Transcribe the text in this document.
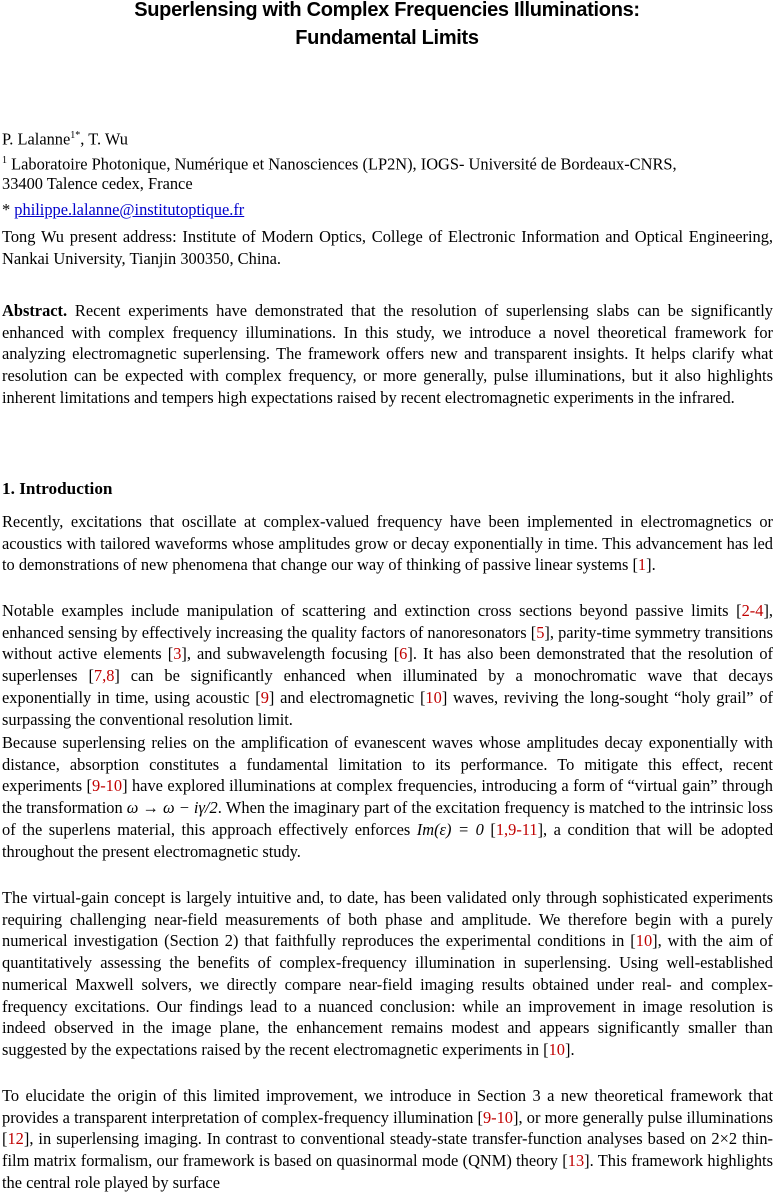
Superlensing with Complex Frequencies Illuminations:
Fundamental Limits
P. Lalanne$^{1*}$, T. Wu
$^1$ Laboratoire Photonique, Numérique et Nanosciences (LP2N), IOGS- Université de Bordeaux-CNRS,
33400 Talence cedex, France
* philippe.lalanne@institutoptique.fr
Tong Wu present address: Institute of Modern Optics, College of Electronic Information and Optical Engineering, Nankai University, Tianjin 300350, China.
Abstract. Recent experiments have demonstrated that the resolution of superlensing slabs can be significantly enhanced with complex frequency illuminations. In this study, we introduce a novel theoretical framework for analyzing electromagnetic superlensing. The framework offers new and transparent insights. It helps clarify what resolution can be expected with complex frequency, or more generally, pulse illuminations, but it also highlights inherent limitations and tempers high expectations raised by recent electromagnetic experiments in the infrared.
1. Introduction
Recently, excitations that oscillate at complex-valued frequency have been implemented in electromagnetics or acoustics with tailored waveforms whose amplitudes grow or decay exponentially in time. This advancement has led to demonstrations of new phenomena that change our way of thinking of passive linear systems [1].
Notable examples include manipulation of scattering and extinction cross sections beyond passive limits [2-4], enhanced sensing by effectively increasing the quality factors of nanoresonators [5], parity-time symmetry transitions without active elements [3], and subwavelength focusing [6]. It has also been demonstrated that the resolution of superlenses [7,8] can be significantly enhanced when illuminated by a monochromatic wave that decays exponentially in time, using acoustic [9] and electromagnetic [10] waves, reviving the long-sought “holy grail” of surpassing the conventional resolution limit.
Because superlensing relies on the amplification of evanescent waves whose amplitudes decay exponentially with distance, absorption constitutes a fundamental limitation to its performance. To mitigate this effect, recent experiments [9-10] have explored illuminations at complex frequencies, introducing a form of “virtual gain” through the transformation ω → ω − iγ/2. When the imaginary part of the excitation frequency is matched to the intrinsic loss of the superlens material, this approach effectively enforces Im(ε) = 0 [1,9-11], a condition that will be adopted throughout the present electromagnetic study.
The virtual-gain concept is largely intuitive and, to date, has been validated only through sophisticated experiments requiring challenging near-field measurements of both phase and amplitude. We therefore begin with a purely numerical investigation (Section 2) that faithfully reproduces the experimental conditions in [10], with the aim of quantitatively assessing the benefits of complex-frequency illumination in superlensing. Using well-established numerical Maxwell solvers, we directly compare near-field imaging results obtained under real- and complex-frequency excitations. Our findings lead to a nuanced conclusion: while an improvement in image resolution is indeed observed in the image plane, the enhancement remains modest and appears significantly smaller than suggested by the expectations raised by the recent electromagnetic experiments in [10].
To elucidate the origin of this limited improvement, we introduce in Section 3 a new theoretical framework that provides a transparent interpretation of complex-frequency illumination [9-10], or more generally pulse illuminations [12], in superlensing imaging. In contrast to conventional steady-state transfer-function analyses based on 2×2 thin-film matrix formalism, our framework is based on quasinormal mode (QNM) theory [13]. This framework highlights the central role played by surface
